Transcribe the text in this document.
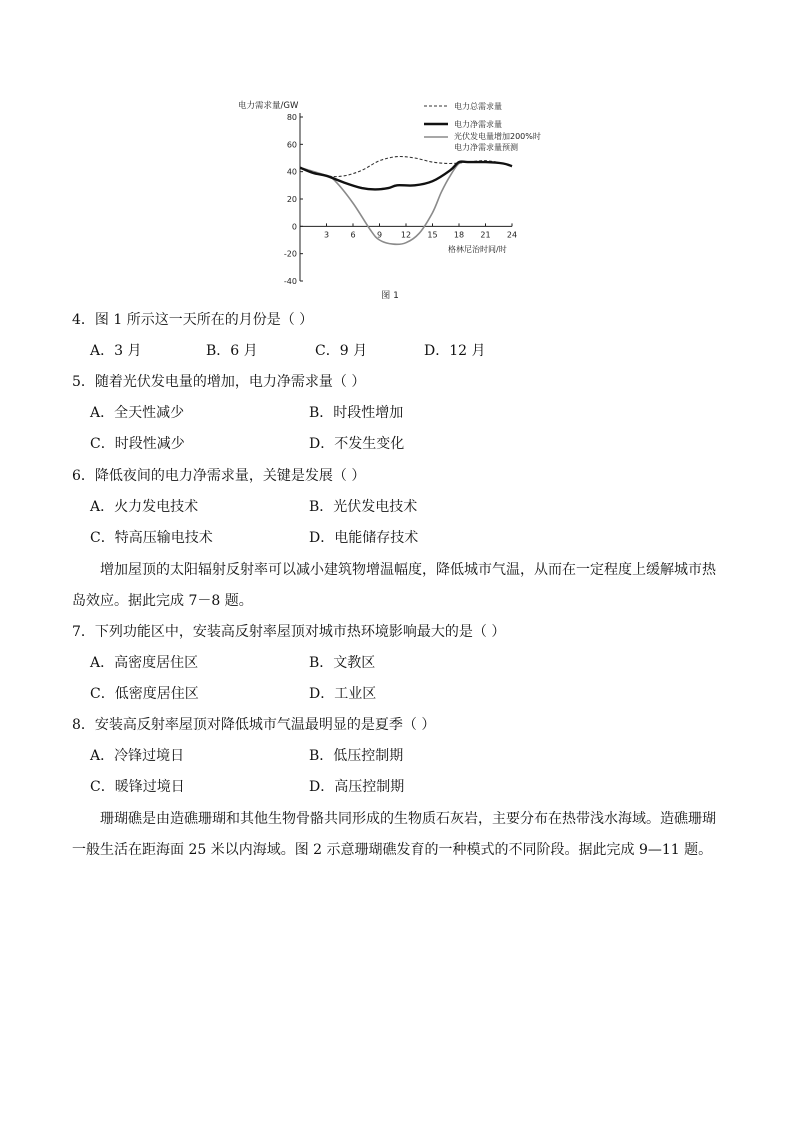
电力需求量/GW
格林尼治时间/时
电力总需求量
电力净需求量
光伏发电量增加200%时
电力净需求量预测
图 1
80
60
40
20
0
-20
-40
3	6	9 12 15 18 21 24
4．图 1 所示这一天所在的月份是（ ）
A．3 月	B．6 月	C．9 月	D．12 月
5．随着光伏发电量的增加，电力净需求量（ ）
A．全天性减少	B．时段性增加
C．时段性减少	D．不发生变化
6．降低夜间的电力净需求量，关键是发展（ ）
A．火力发电技术	B．光伏发电技术
C．特高压输电技术	D．电能储存技术
增加屋顶的太阳辐射反射率可以减小建筑物增温幅度，降低城市气温，从而在一定程度上缓解城市热岛效应。据此完成 7－8 题。
7．下列功能区中，安装高反射率屋顶对城市热环境影响最大的是（ ）
A．高密度居住区	B．文教区
C．低密度居住区	D．工业区
8．安装高反射率屋顶对降低城市气温最明显的是夏季（ ）
A．冷锋过境日	B．低压控制期
C．暖锋过境日	D．高压控制期
珊瑚礁是由造礁珊瑚和其他生物骨骼共同形成的生物质石灰岩，主要分布在热带浅水海域。造礁珊瑚一般生活在距海面 25 米以内海域。图 2 示意珊瑚礁发育的一种模式的不同阶段。据此完成 9—11 题。
